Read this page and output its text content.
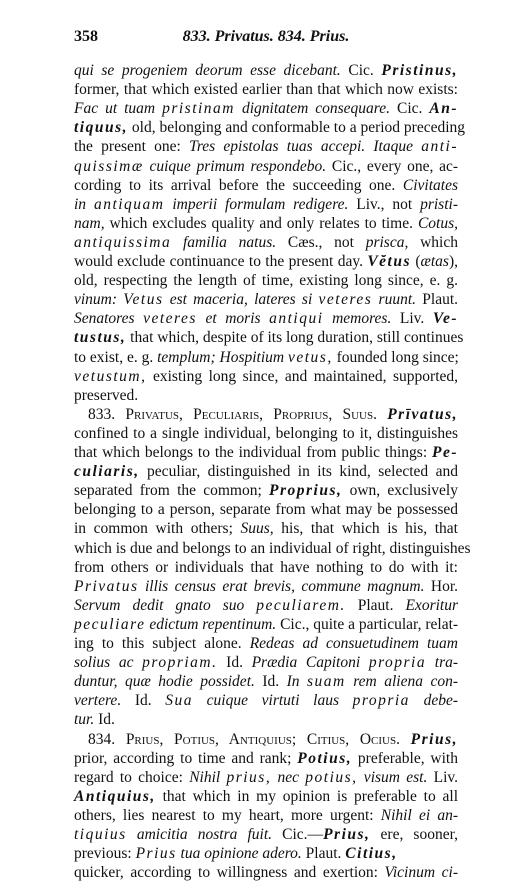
358	833. Privatus. 834. Prius.
qui se progeniem deorum esse dicebant. Cic. Pristinus,
former, that which existed earlier than that which now exists:
Fac ut tuam pristinam dignitatem consequare. Cic. An-
tiquus, old, belonging and conformable to a period preceding
the present one: Tres epistolas tuas accepi. Itaque anti-
quissimæ cuique primum respondebo. Cic., every one, ac-
cording to its arrival before the succeeding one. Civitates
in antiquam imperii formulam redigere. Liv., not pristi-
nam, which excludes quality and only relates to time. Cotus,
antiquissima familia natus. Cæs., not prisca, which
would exclude continuance to the present day. Vĕtus (ætas),
old, respecting the length of time, existing long since, e. g.
vinum: Vetus est maceria, lateres si veteres ruunt. Plaut.
Senatores veteres et moris antiqui memores. Liv. Ve-
tustus, that which, despite of its long duration, still continues
to exist, e. g. templum; Hospitium vetus, founded long since;
vetustum, existing long since, and maintained, supported,
preserved.
833. Privatus, Peculiaris, Proprius, Suus. Prīvatus,
confined to a single individual, belonging to it, distinguishes
that which belongs to the individual from public things: Pe-
culiaris, peculiar, distinguished in its kind, selected and
separated from the common; Proprius, own, exclusively
belonging to a person, separate from what may be possessed
in common with others; Suus, his, that which is his, that
which is due and belongs to an individual of right, distinguishes
from others or individuals that have nothing to do with it:
Privatus illis census erat brevis, commune magnum. Hor.
Servum dedit gnato suo peculiarem. Plaut. Exoritur
peculiare edictum repentinum. Cic., quite a particular, relat-
ing to this subject alone. Redeas ad consuetudinem tuam
solius ac propriam. Id. Prædia Capitoni propria tra-
duntur, quæ hodie possidet. Id. In suam rem aliena con-
vertere. Id. Sua cuique virtuti laus propria debe-
tur. Id.
834. Prius, Potius, Antiquius; Citius, Ocius. Prius,
prior, according to time and rank; Potius, preferable, with
regard to choice: Nihil prius, nec potius, visum est. Liv.
Antiquius, that which in my opinion is preferable to all
others, lies nearest to my heart, more urgent: Nihil ei an-
tiquius amicitia nostra fuit. Cic.—Prius, ere, sooner,
previous: Prius tua opinione adero. Plaut. Citius,
quicker, according to willingness and exertion: Vicinum ci-
